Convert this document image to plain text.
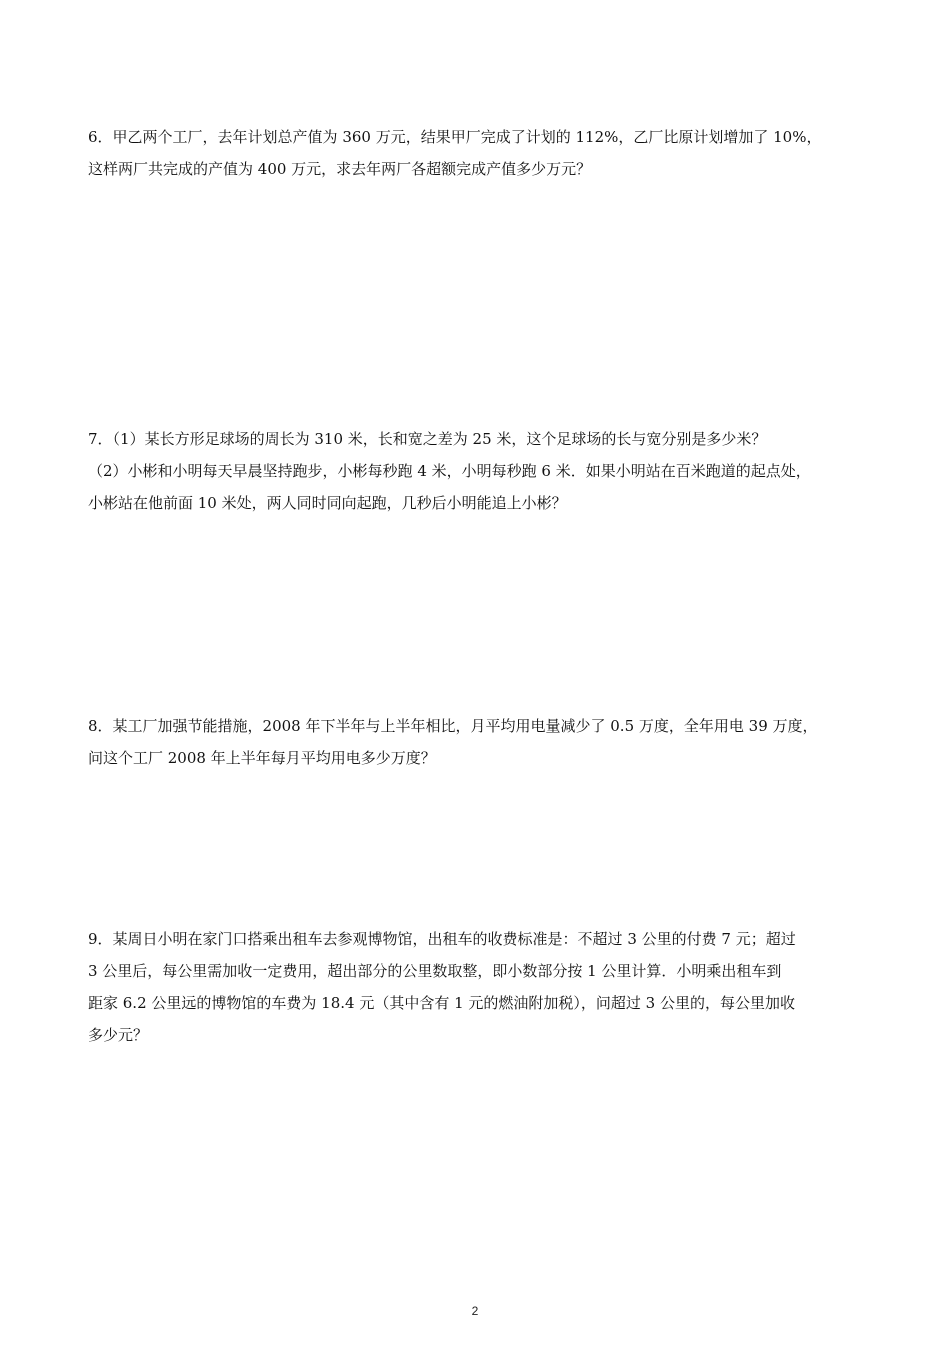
6．甲乙两个工厂，去年计划总产值为 360 万元，结果甲厂完成了计划的 112%，乙厂比原计划增加了 10%，
这样两厂共完成的产值为 400 万元，求去年两厂各超额完成产值多少万元？
7．（1）某长方形足球场的周长为 310 米，长和宽之差为 25 米，这个足球场的长与宽分别是多少米？
（2）小彬和小明每天早晨坚持跑步，小彬每秒跑 4 米，小明每秒跑 6 米．如果小明站在百米跑道的起点处，
小彬站在他前面 10 米处，两人同时同向起跑，几秒后小明能追上小彬？
8．某工厂加强节能措施，2008 年下半年与上半年相比，月平均用电量减少了 0.5 万度，全年用电 39 万度，
问这个工厂 2008 年上半年每月平均用电多少万度？
9．某周日小明在家门口搭乘出租车去参观博物馆，出租车的收费标准是：不超过 3 公里的付费 7 元；超过
3 公里后，每公里需加收一定费用，超出部分的公里数取整，即小数部分按 1 公里计算．小明乘出租车到
距家 6.2 公里远的博物馆的车费为 18.4 元（其中含有 1 元的燃油附加税），问超过 3 公里的，每公里加收
多少元？
2
